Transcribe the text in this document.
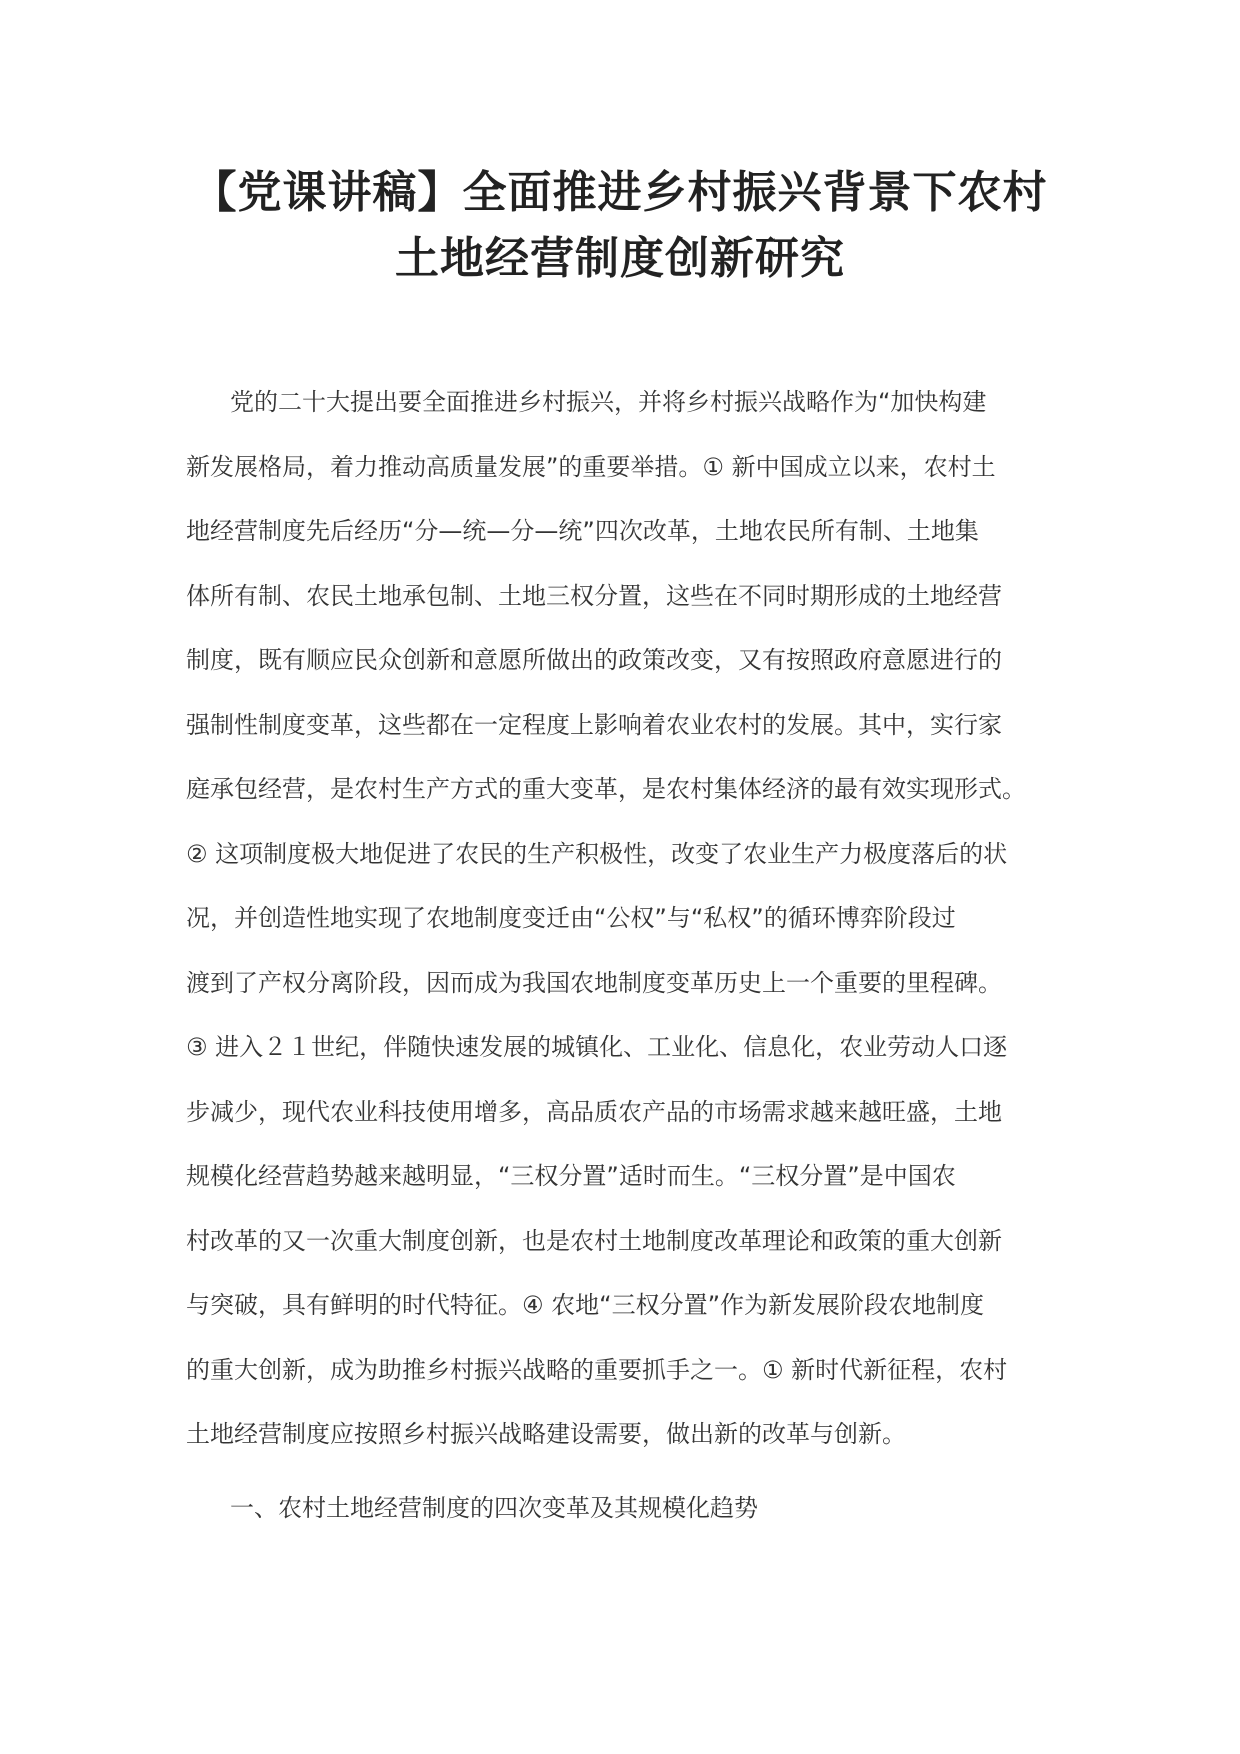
【党课讲稿】全面推进乡村振兴背景下农村
土地经营制度创新研究
党的二十大提出要全面推进乡村振兴，并将乡村振兴战略作为“加快构建
新发展格局，着力推动高质量发展”的重要举措。① 新中国成立以来，农村土
地经营制度先后经历“分—统—分—统”四次改革，土地农民所有制、土地集
体所有制、农民土地承包制、土地三权分置，这些在不同时期形成的土地经营
制度，既有顺应民众创新和意愿所做出的政策改变，又有按照政府意愿进行的
强制性制度变革，这些都在一定程度上影响着农业农村的发展。其中，实行家
庭承包经营，是农村生产方式的重大变革，是农村集体经济的最有效实现形式。
② 这项制度极大地促进了农民的生产积极性，改变了农业生产力极度落后的状
况，并创造性地实现了农地制度变迁由“公权”与“私权”的循环博弈阶段过
渡到了产权分离阶段，因而成为我国农地制度变革历史上一个重要的里程碑。
③ 进入２１世纪，伴随快速发展的城镇化、工业化、信息化，农业劳动人口逐
步减少，现代农业科技使用增多，高品质农产品的市场需求越来越旺盛，土地
规模化经营趋势越来越明显，“三权分置”适时而生。“三权分置”是中国农
村改革的又一次重大制度创新，也是农村土地制度改革理论和政策的重大创新
与突破，具有鲜明的时代特征。④ 农地“三权分置”作为新发展阶段农地制度
的重大创新，成为助推乡村振兴战略的重要抓手之一。① 新时代新征程，农村
土地经营制度应按照乡村振兴战略建设需要，做出新的改革与创新。
一、农村土地经营制度的四次变革及其规模化趋势
